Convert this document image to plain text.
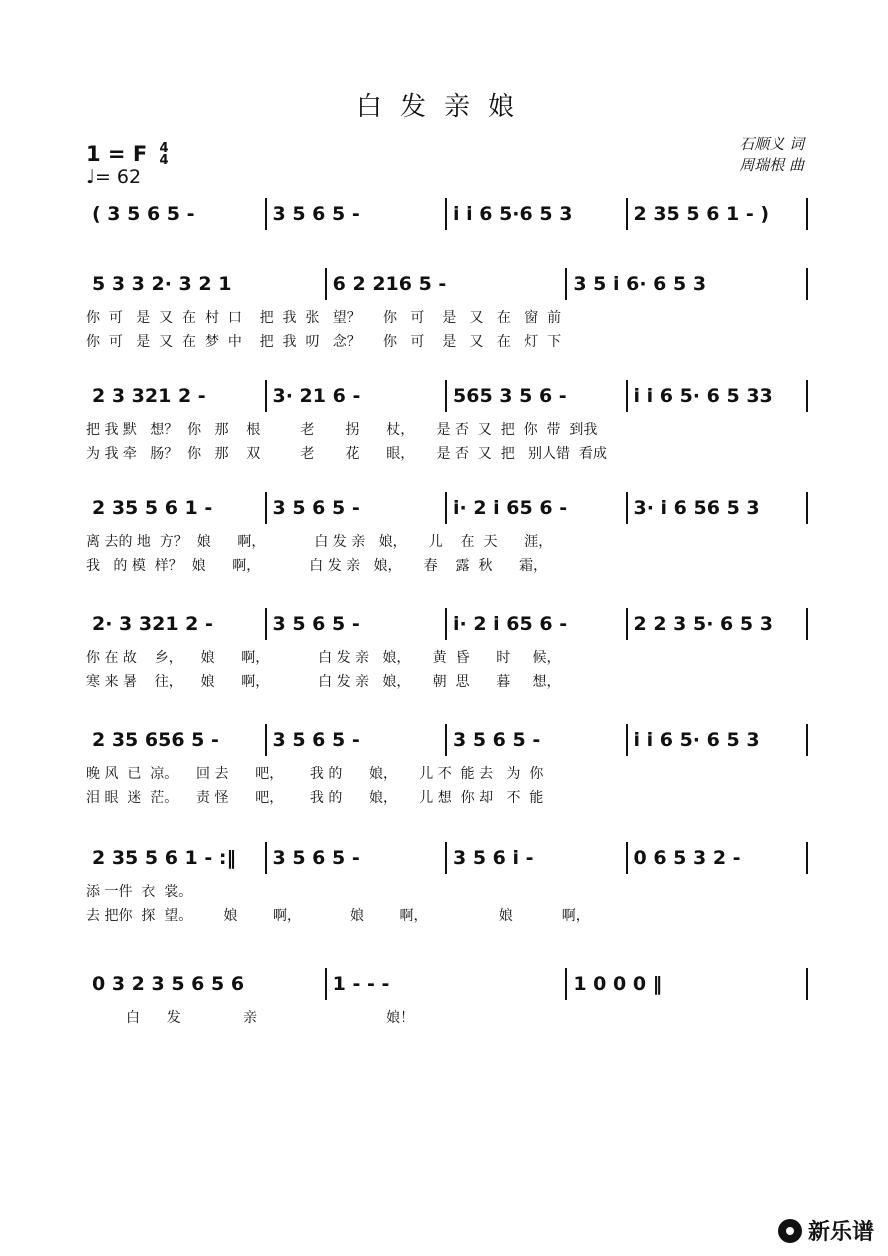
白发亲娘
1 = F 4
4
♩= 62
石顺义 词
周瑞根 曲
( 3 5 6 5 -	3 5 6 5 -	i i 6 5·6 5 3	2 35 5 6 1 - )
5 3 3 2· 3 2 1	6 2 216 5 -	3 5 i 6· 6 5 3
你  可   是  又  在  村  口    把  我  张   望？     你   可    是   又   在   窗  前
你  可   是  又  在  梦  中    把  我  叨   念？     你   可    是   又   在   灯  下
2 3 321 2 -	3· 21 6 -	565 3 5 6 -	i i 6 5· 6 5 33
把 我 默   想？  你   那    根         老       拐      杖，     是 否  又  把  你  带  到我
为 我 牵   肠？  你   那    双         老       花      眼，     是 否  又  把   别人错  看成
2 35 5 6 1 -	3 5 6 5 -	i· 2 i 65 6 -	3· i 6 56 5 3
离 去的 地  方？  娘      啊，           白 发 亲   娘，     儿    在  天      涯，
我   的 模  样？  娘      啊，           白 发 亲   娘，     春    露  秋      霜，
2· 3 321 2 -	3 5 6 5 -	i· 2 i 65 6 -	2 2 3 5· 6 5 3
你 在 故    乡，    娘      啊，           白 发 亲   娘，     黄  昏      时     候，
寒 来 暑    往，    娘      啊，           白 发 亲   娘，     朝  思      暮     想，
2 35 656 5 -	3 5 6 5 -	3 5 6 5 -	i i 6 5· 6 5 3
晚 风  已  凉。    回 去      吧，      我 的      娘，     儿 不  能 去   为  你
泪 眼  迷  茫。    责 怪      吧，      我 的      娘，     儿 想  你 却   不  能
2 35 5 6 1 - :‖ 3 5 6 5 -	3 5 6 i -	0 6 5 3 2 -
添 一件  衣  裳。
去 把你  探  望。       娘        啊，           娘        啊，                娘           啊，
0 3 2 3 5 6 5 6	1 - - -	1 0 0 0 ‖
白      发              亲                             娘！
新乐谱
